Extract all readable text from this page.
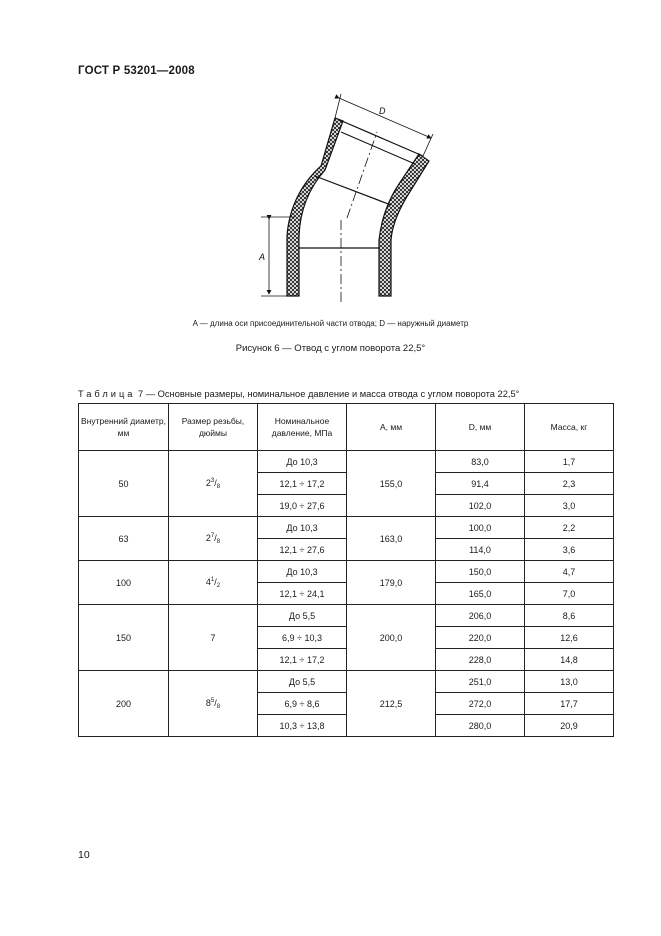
ГОСТ Р 53201—2008
D
A
A — длина оси присоединительной части отвода; D — наружный диаметр
Рисунок 6 — Отвод с углом поворота 22,5°
Таблица 7 — Основные размеры, номинальное давление и масса отвода с углом поворота 22,5°
Внутренний диаметр, мм	Размер резьбы, дюймы	Номинальное давление, МПа	A, мм	D, мм	Масса, кг
50	$2^3/_8$	До 10,3	155,0	83,0	1,7
		12,1 ÷ 17,2		91,4	2,3
		19,0 ÷ 27,6		102,0	3,0
63	$2^7/_8$	До 10,3	163,0	100,0	2,2
		12,1 ÷ 27,6		114,0	3,6
100	$4^1/_2$	До 10,3	179,0	150,0	4,7
		12,1 ÷ 24,1		165,0	7,0
150	7	До 5,5	200,0	206,0	8,6
		6,9 ÷ 10,3		220,0	12,6
		12,1 ÷ 17,2		228,0	14,8
200	$8^5/_8$	До 5,5	212,5	251,0	13,0
		6,9 ÷ 8,6		272,0	17,7
		10,3 ÷ 13,8		280,0	20,9
10
